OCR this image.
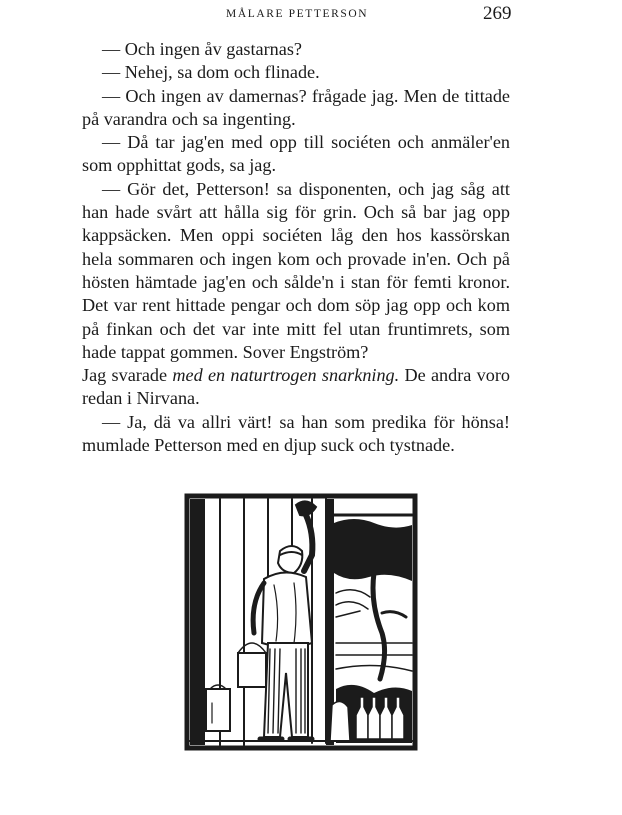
MÅLARE PETTERSON	269

— Och ingen åv gastarnas?

— Nehej, sa dom och flinade.

— Och ingen av damernas? frågade jag. Men de tittade på varandra och sa ingenting.

— Då tar jag'en med opp till sociéten och anmäler'en som opphittat gods, sa jag.

— Gör det, Petterson! sa disponenten, och jag såg att han hade svårt att hålla sig för grin. Och så bar jag opp kappsäcken. Men oppi sociéten låg den hos kassörskan hela sommaren och ingen kom och provade in'en. Och på hösten hämtade jag'en och sålde'n i stan för femti kronor. Det var rent hittade pengar och dom söp jag opp och kom på finkan och det var inte mitt fel utan fruntimrets, som hade tappat gommen. Sover Engström?

Jag svarade med en naturtrogen snarkning. De andra voro redan i Nirvana.

— Ja, dä va allri värt! sa han som predika för hönsa! mumlade Petterson med en djup suck och tystnade.
